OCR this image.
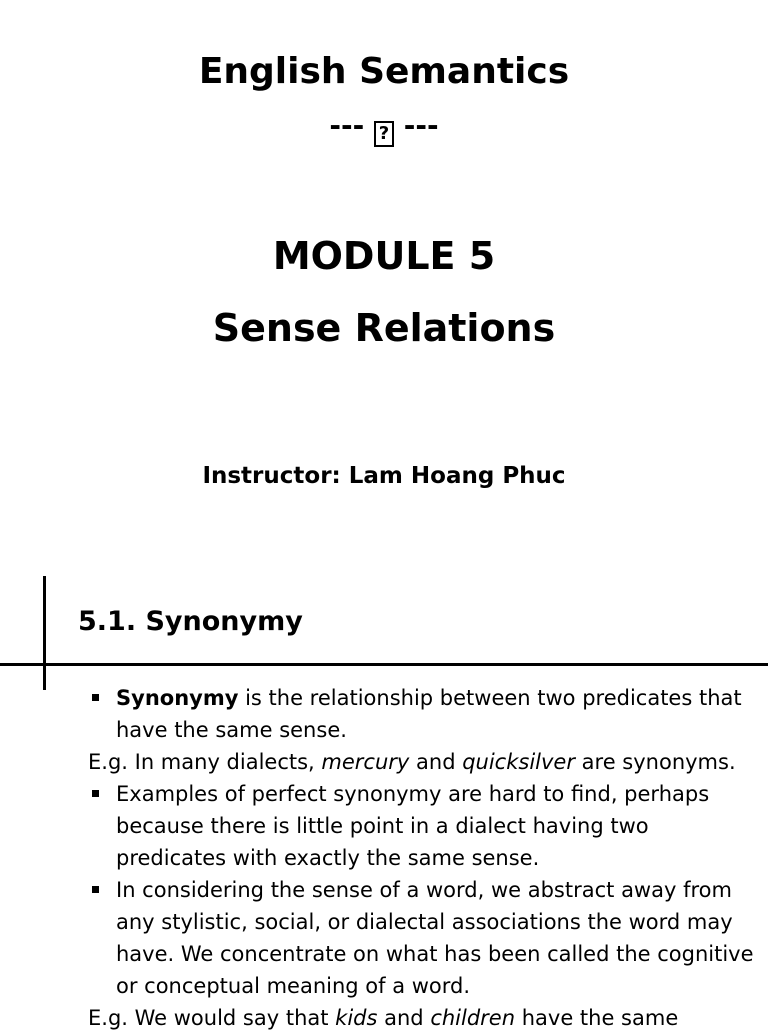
English Semantics
--- ? ---
MODULE 5
Sense Relations
Instructor: Lam Hoang Phuc
5.1. Synonymy
Synonymy is the relationship between two predicates that have the same sense.
E.g. In many dialects, mercury and quicksilver are synonyms.
Examples of perfect synonymy are hard to find, perhaps because there is little point in a dialect having two predicates with exactly the same sense.
In considering the sense of a word, we abstract away from any stylistic, social, or dialectal associations the word may have. We concentrate on what has been called the cognitive or conceptual meaning of a word.
E.g. We would say that kids and children have the same
